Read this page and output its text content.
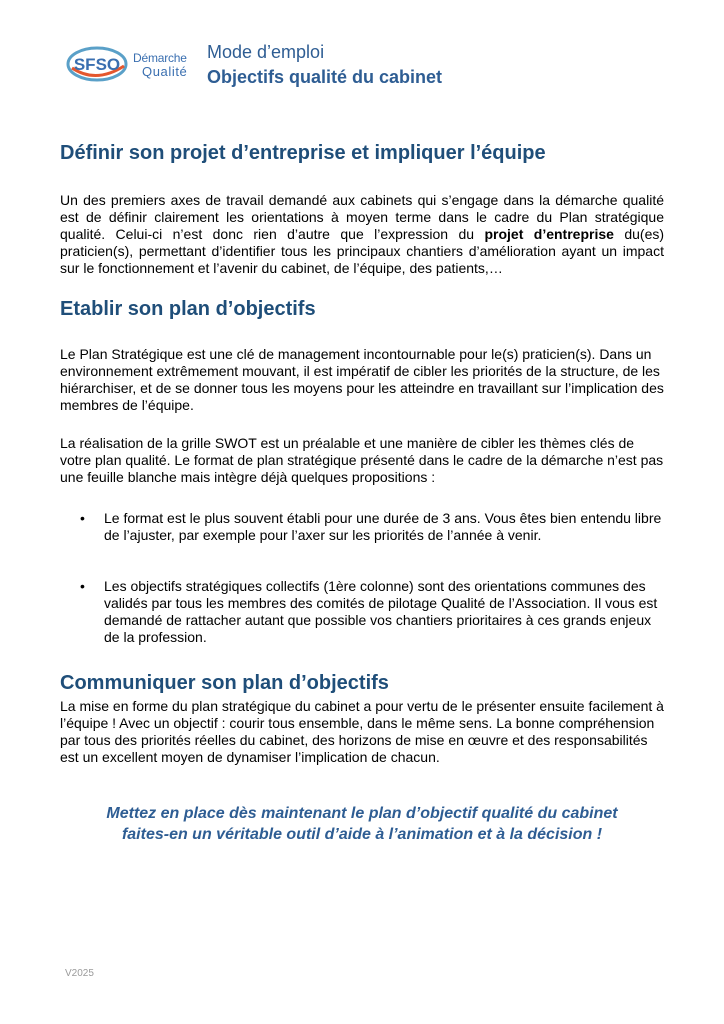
SFSO Démarche
Qualité
Mode d’emploi
Objectifs qualité du cabinet
Définir son projet d’entreprise et impliquer l’équipe

Un des premiers axes de travail demandé aux cabinets qui s’engage dans la démarche qualité est de définir clairement les orientations à moyen terme dans le cadre du Plan stratégique qualité. Celui-ci n’est donc rien d’autre que l’expression du projet d’entreprise du(es) praticien(s), permettant d’identifier tous les principaux chantiers d’amélioration ayant un impact sur le fonctionnement et l’avenir du cabinet, de l’équipe, des patients,…

Etablir son plan d’objectifs

Le Plan Stratégique est une clé de management incontournable pour le(s) praticien(s). Dans un environnement extrêmement mouvant, il est impératif de cibler les priorités de la structure, de les hiérarchiser, et de se donner tous les moyens pour les atteindre en travaillant sur l’implication des membres de l’équipe.

La réalisation de la grille SWOT est un préalable et une manière de cibler les thèmes clés de votre plan qualité. Le format de plan stratégique présenté dans le cadre de la démarche n’est pas une feuille blanche mais intègre déjà quelques propositions :

• Le format est le plus souvent établi pour une durée de 3 ans. Vous êtes bien entendu libre de l’ajuster, par exemple pour l’axer sur les priorités de l’année à venir.
• Les objectifs stratégiques collectifs (1ère colonne) sont des orientations communes des validés par tous les membres des comités de pilotage Qualité de l’Association. Il vous est demandé de rattacher autant que possible vos chantiers prioritaires à ces grands enjeux de la profession.
Communiquer son plan d’objectifs

La mise en forme du plan stratégique du cabinet a pour vertu de le présenter ensuite facilement à l’équipe ! Avec un objectif : courir tous ensemble, dans le même sens. La bonne compréhension par tous des priorités réelles du cabinet, des horizons de mise en œuvre et des responsabilités est un excellent moyen de dynamiser l’implication de chacun.

Mettez en place dès maintenant le plan d’objectif qualité du cabinet
faites-en un véritable outil d’aide à l’animation et à la décision !

V2025
